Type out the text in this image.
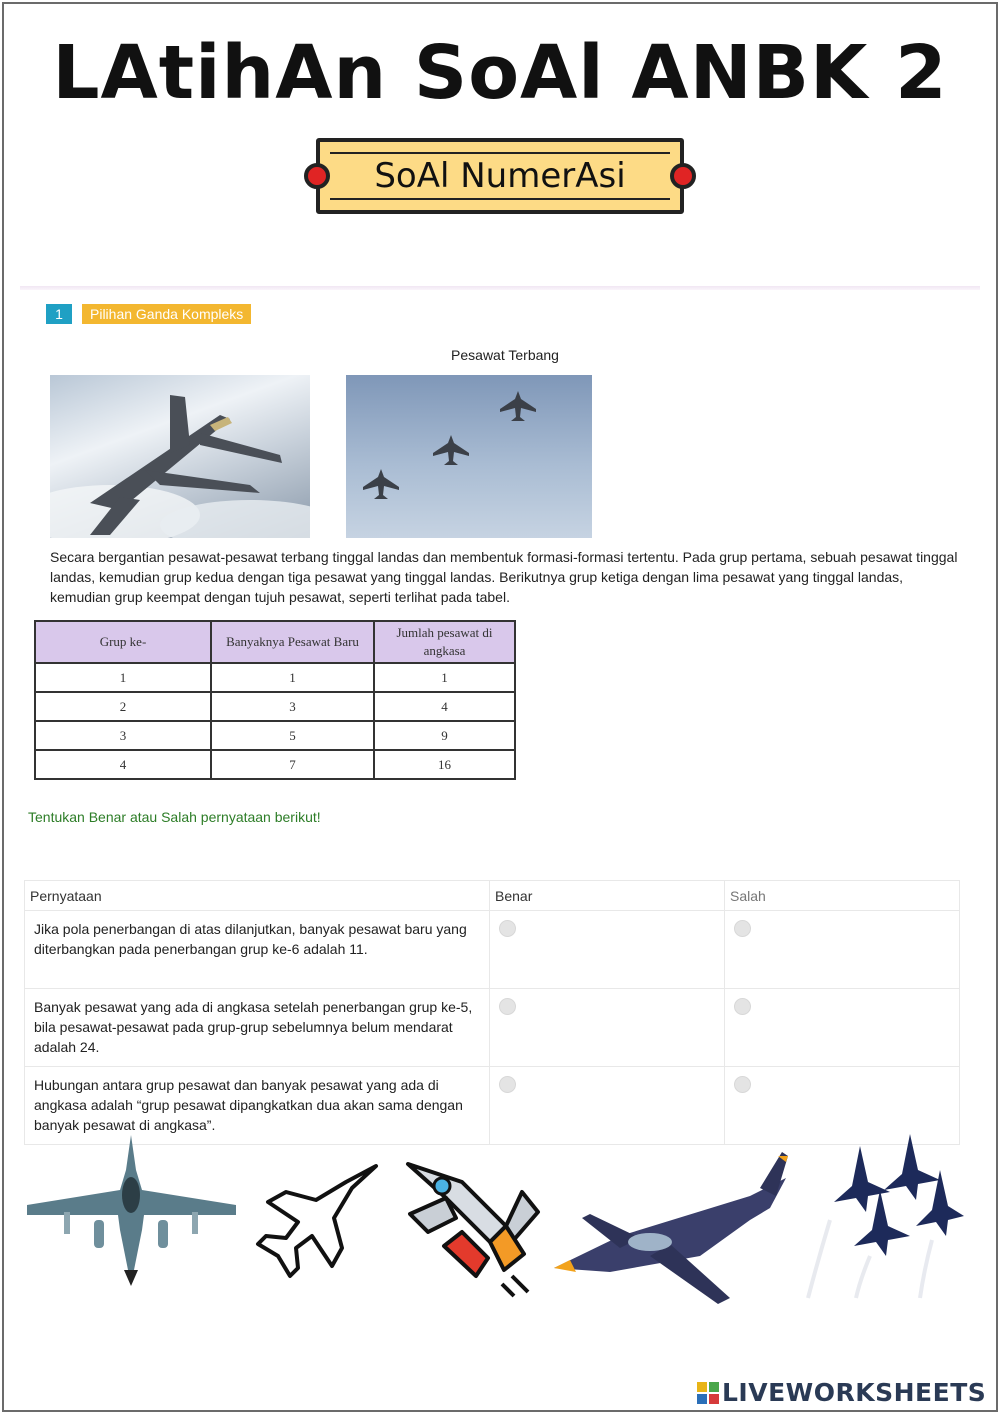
LAtihAn SoAl ANBK 2
SoAl NumerAsi
1	Pilihan Ganda Kompleks
Pesawat Terbang

Secara bergantian pesawat-pesawat terbang tinggal landas dan membentuk formasi-formasi tertentu. Pada grup pertama, sebuah pesawat tinggal landas, kemudian grup kedua dengan tiga pesawat yang tinggal landas. Berikutnya grup ketiga dengan lima pesawat yang tinggal landas, kemudian grup keempat dengan tujuh pesawat, seperti terlihat pada tabel.

Grup ke-	Banyaknya Pesawat Baru	Jumlah pesawat di angkasa
1	1	1
2	3	4
3	5	9
4	7	16
Tentukan Benar atau Salah pernyataan berikut!
Pernyataan	Benar	Salah
Jika pola penerbangan di atas dilanjutkan, banyak pesawat baru yang diterbangkan pada penerbangan grup ke-6 adalah 11.		
Banyak pesawat yang ada di angkasa setelah penerbangan grup ke-5, bila pesawat-pesawat pada grup-grup sebelumnya belum mendarat adalah 24.		
Hubungan antara grup pesawat dan banyak pesawat yang ada di angkasa adalah “grup pesawat dipangkatkan dua akan sama dengan banyak pesawat di angkasa”.		
LIVEWORKSHEETS
